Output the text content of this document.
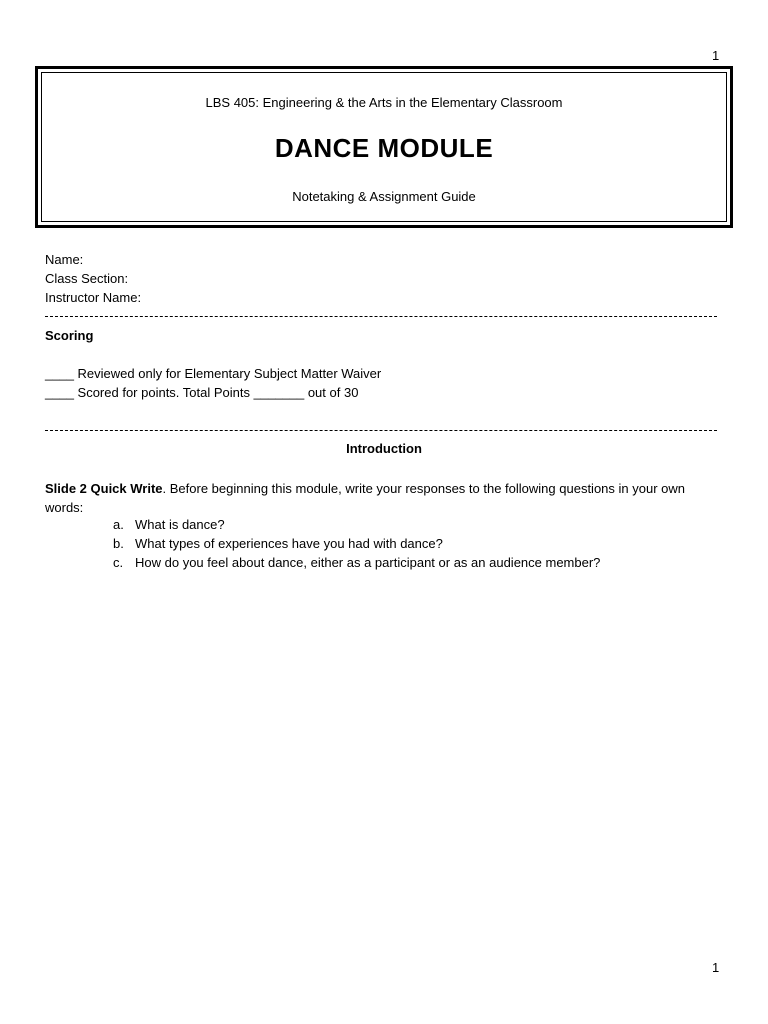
1
LBS 405: Engineering & the Arts in the Elementary Classroom
DANCE MODULE
Notetaking & Assignment Guide
Name:
Class Section:
Instructor Name:
Scoring
____ Reviewed only for Elementary Subject Matter Waiver
____ Scored for points. Total Points _______ out of 30
Introduction
Slide 2 Quick Write. Before beginning this module, write your responses to the following questions in your own words:
a. What is dance?
b. What types of experiences have you had with dance?
c. How do you feel about dance, either as a participant or as an audience member?
1
